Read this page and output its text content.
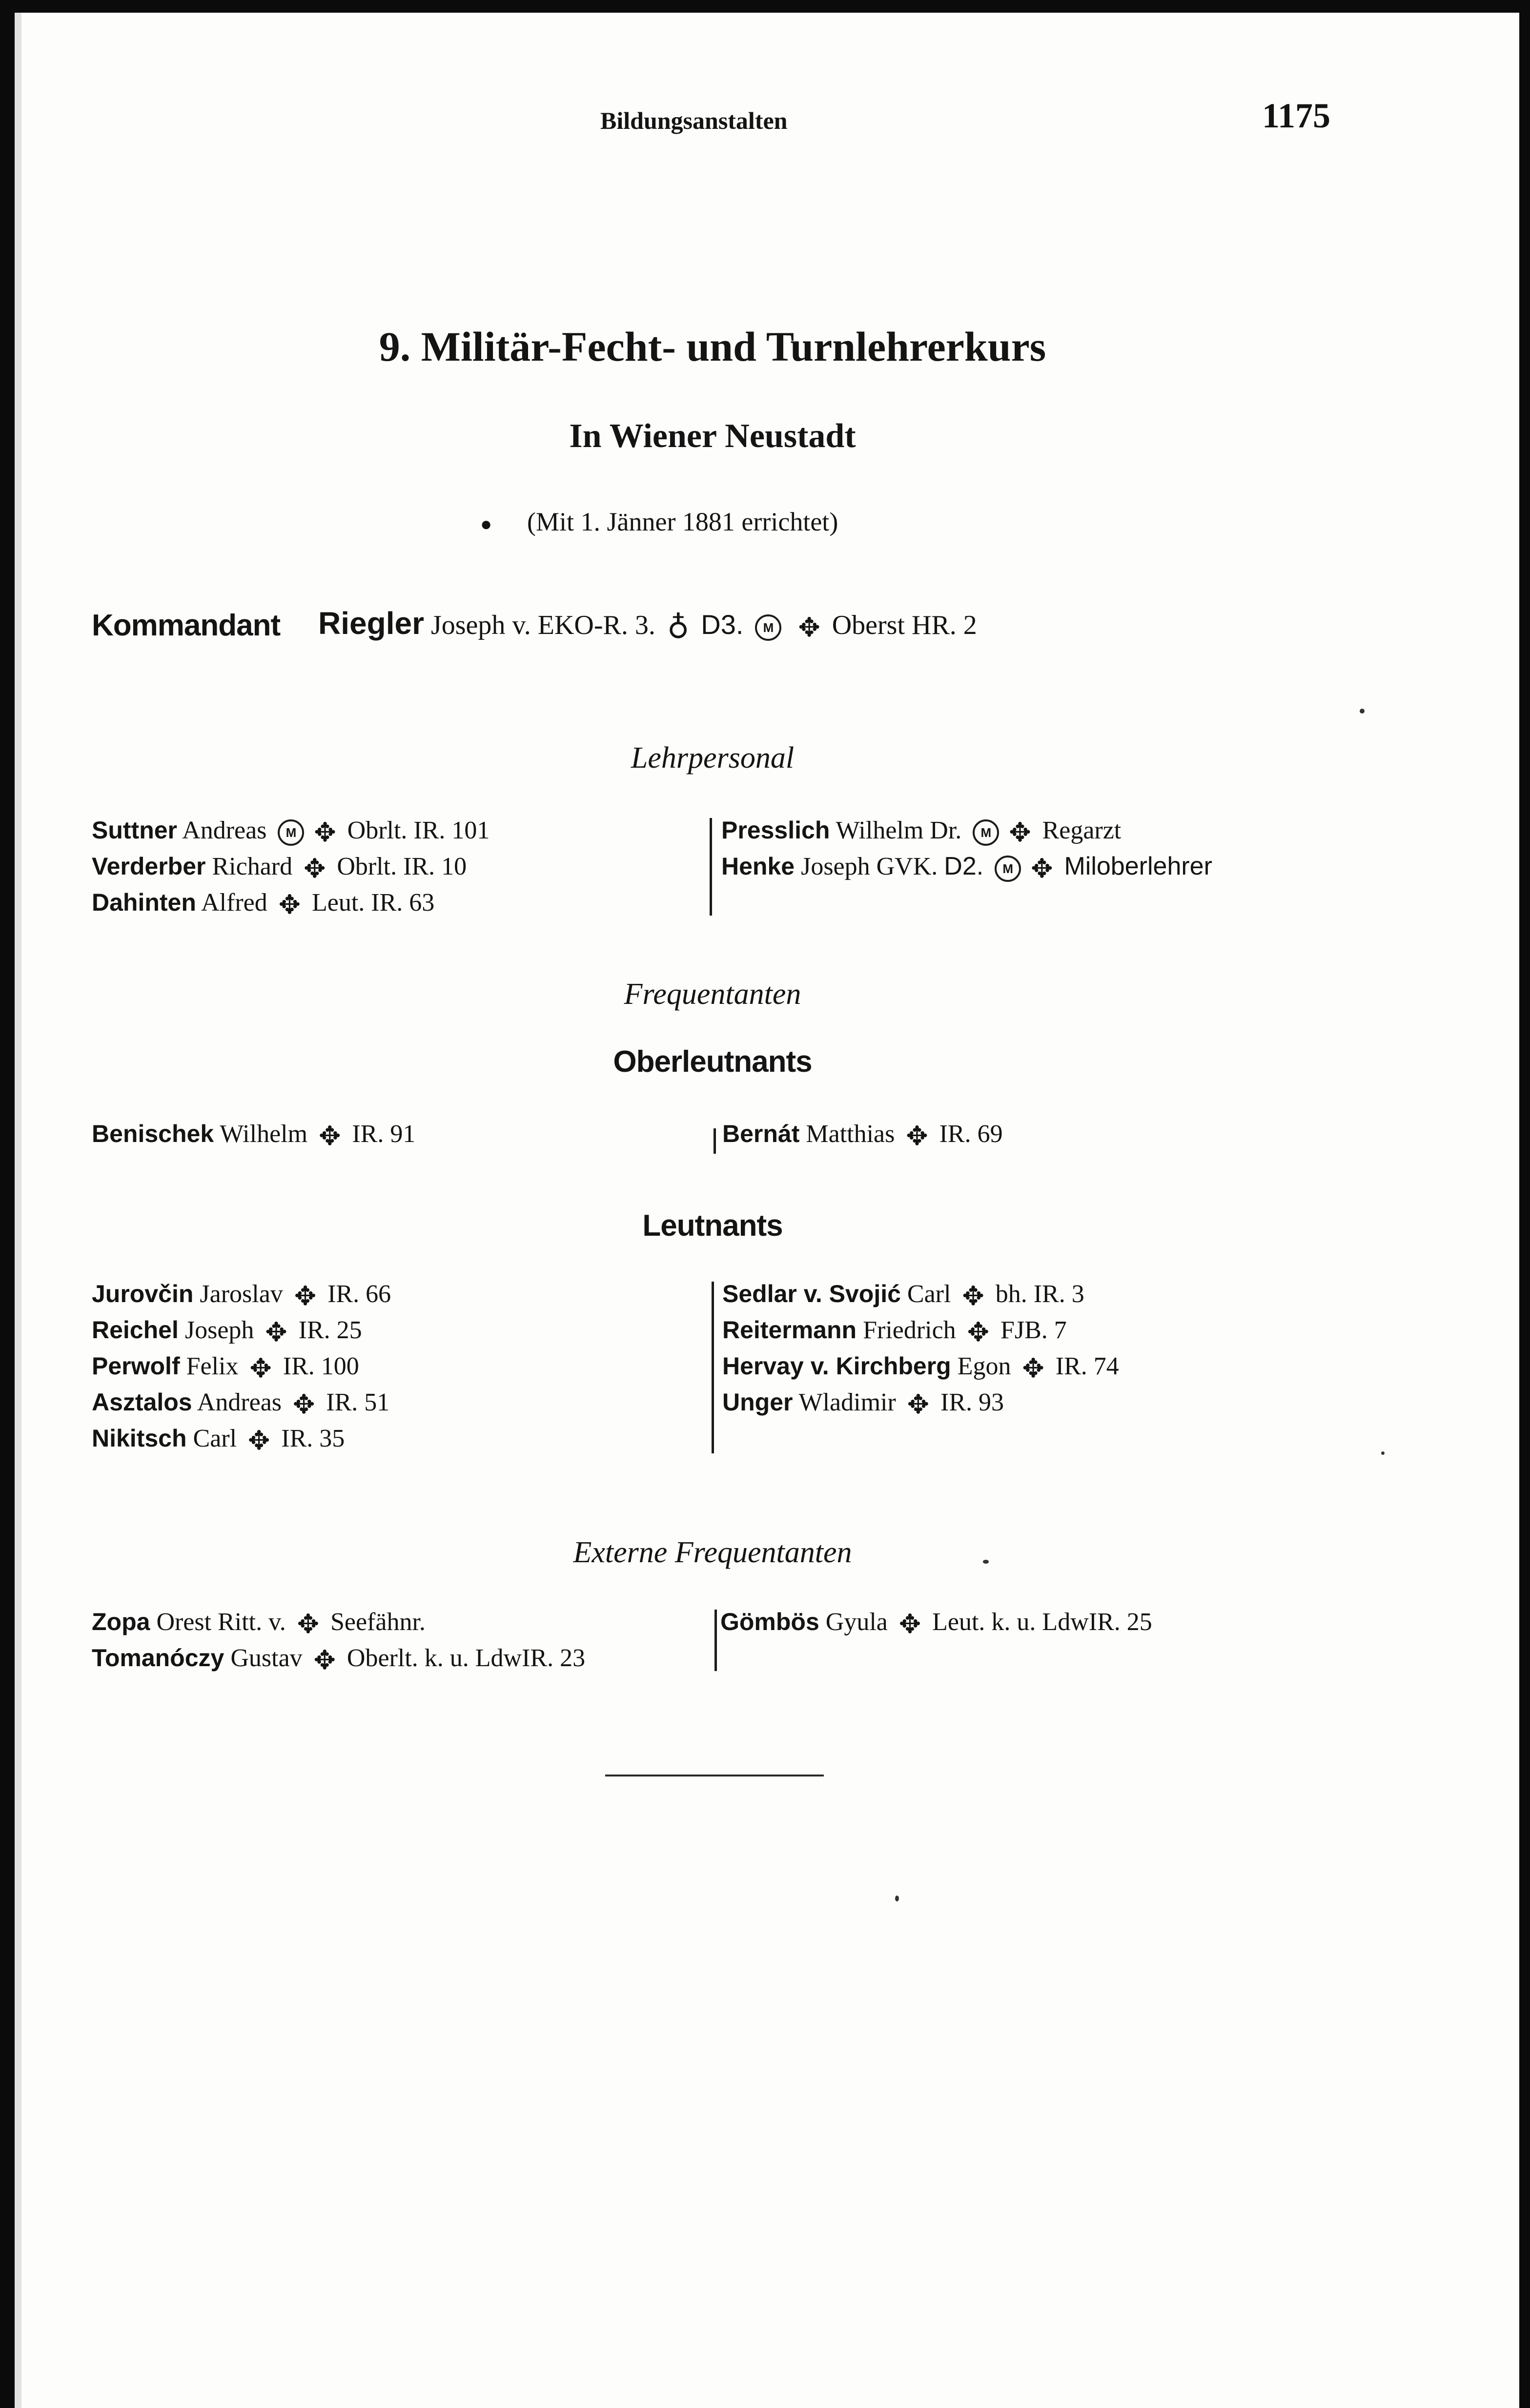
Bildungsanstalten	1175
9. Militär-Fecht- und Turnlehrerkurs
In Wiener Neustadt
● (Mit 1. Jänner 1881 errichtet)
Kommandant Riegler Joseph v. EKO-R. 3. ♁ D3. M ✥ Oberst HR. 2
Lehrpersonal
Suttner Andreas M ✥ Obrlt. IR. 101
Verderber Richard ✥ Obrlt. IR. 10
Dahinten Alfred ✥ Leut. IR. 63
Presslich Wilhelm Dr. M ✥ Regarzt
Henke Joseph GVK. D2. M ✥ Miloberlehrer
Frequentanten
Oberleutnants
Benischek Wilhelm ✥ IR. 91	Bernát Matthias ✥ IR. 69
Leutnants
Jurovčin Jaroslav ✥ IR. 66
Reichel Joseph ✥ IR. 25
Perwolf Felix ✥ IR. 100
Asztalos Andreas ✥ IR. 51
Nikitsch Carl ✥ IR. 35
Sedlar v. Svojić Carl ✥ bh. IR. 3
Reitermann Friedrich ✥ FJB. 7
Hervay v. Kirchberg Egon ✥ IR. 74
Unger Wladimir ✥ IR. 93
Externe Frequentanten
Zopa Orest Ritt. v. ✥ Seefähnr.
Tomanóczy Gustav ✥ Oberlt. k. u. LdwIR. 23
Gömbös Gyula ✥ Leut. k. u. LdwIR. 25
